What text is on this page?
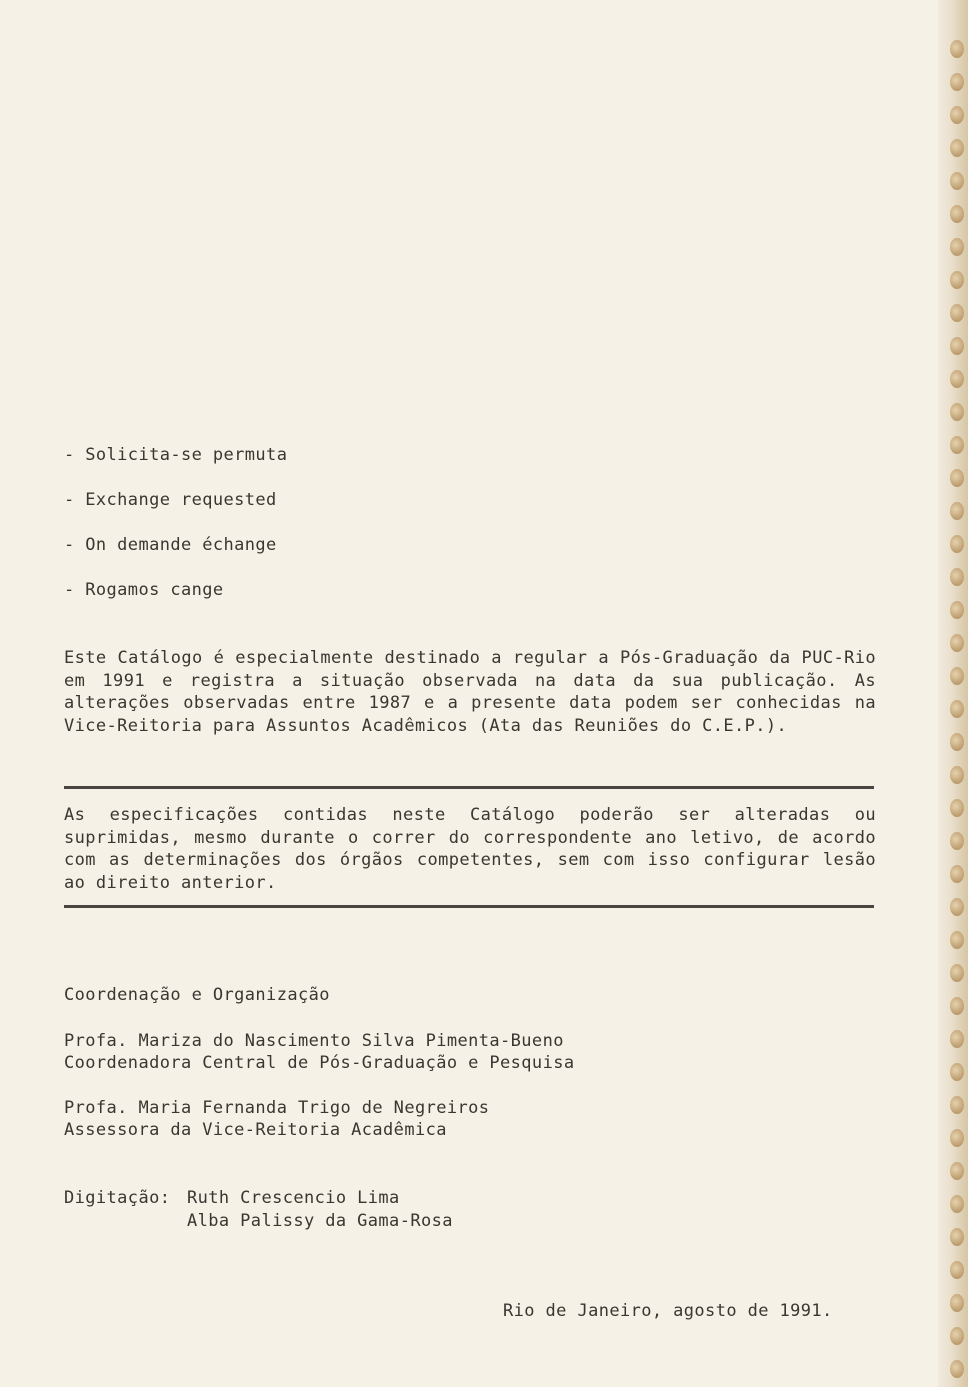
- Solicita-se permuta
- Exchange requested
- On demande échange
- Rogamos cange
Este Catálogo é especialmente destinado a regular a Pós-Graduação da PUC-Rio em 1991 e registra a situação observada na data da sua publicação. As alterações observadas entre 1987 e a presente data podem ser conhecidas na Vice-Reitoria para Assuntos Acadêmicos (Ata das Reuniões do C.E.P.).
As especificações contidas neste Catálogo poderão ser alteradas ou suprimidas, mesmo durante o correr do correspondente ano letivo, de acordo com as determinações dos órgãos competentes, sem com isso configurar lesão ao direito anterior.
Coordenação e Organização
Profa. Mariza do Nascimento Silva Pimenta-Bueno
Coordenadora Central de Pós-Graduação e Pesquisa
Profa. Maria Fernanda Trigo de Negreiros
Assessora da Vice-Reitoria Acadêmica
Digitação: Ruth Crescencio Lima
Alba Palissy da Gama-Rosa
Rio de Janeiro, agosto de 1991.
